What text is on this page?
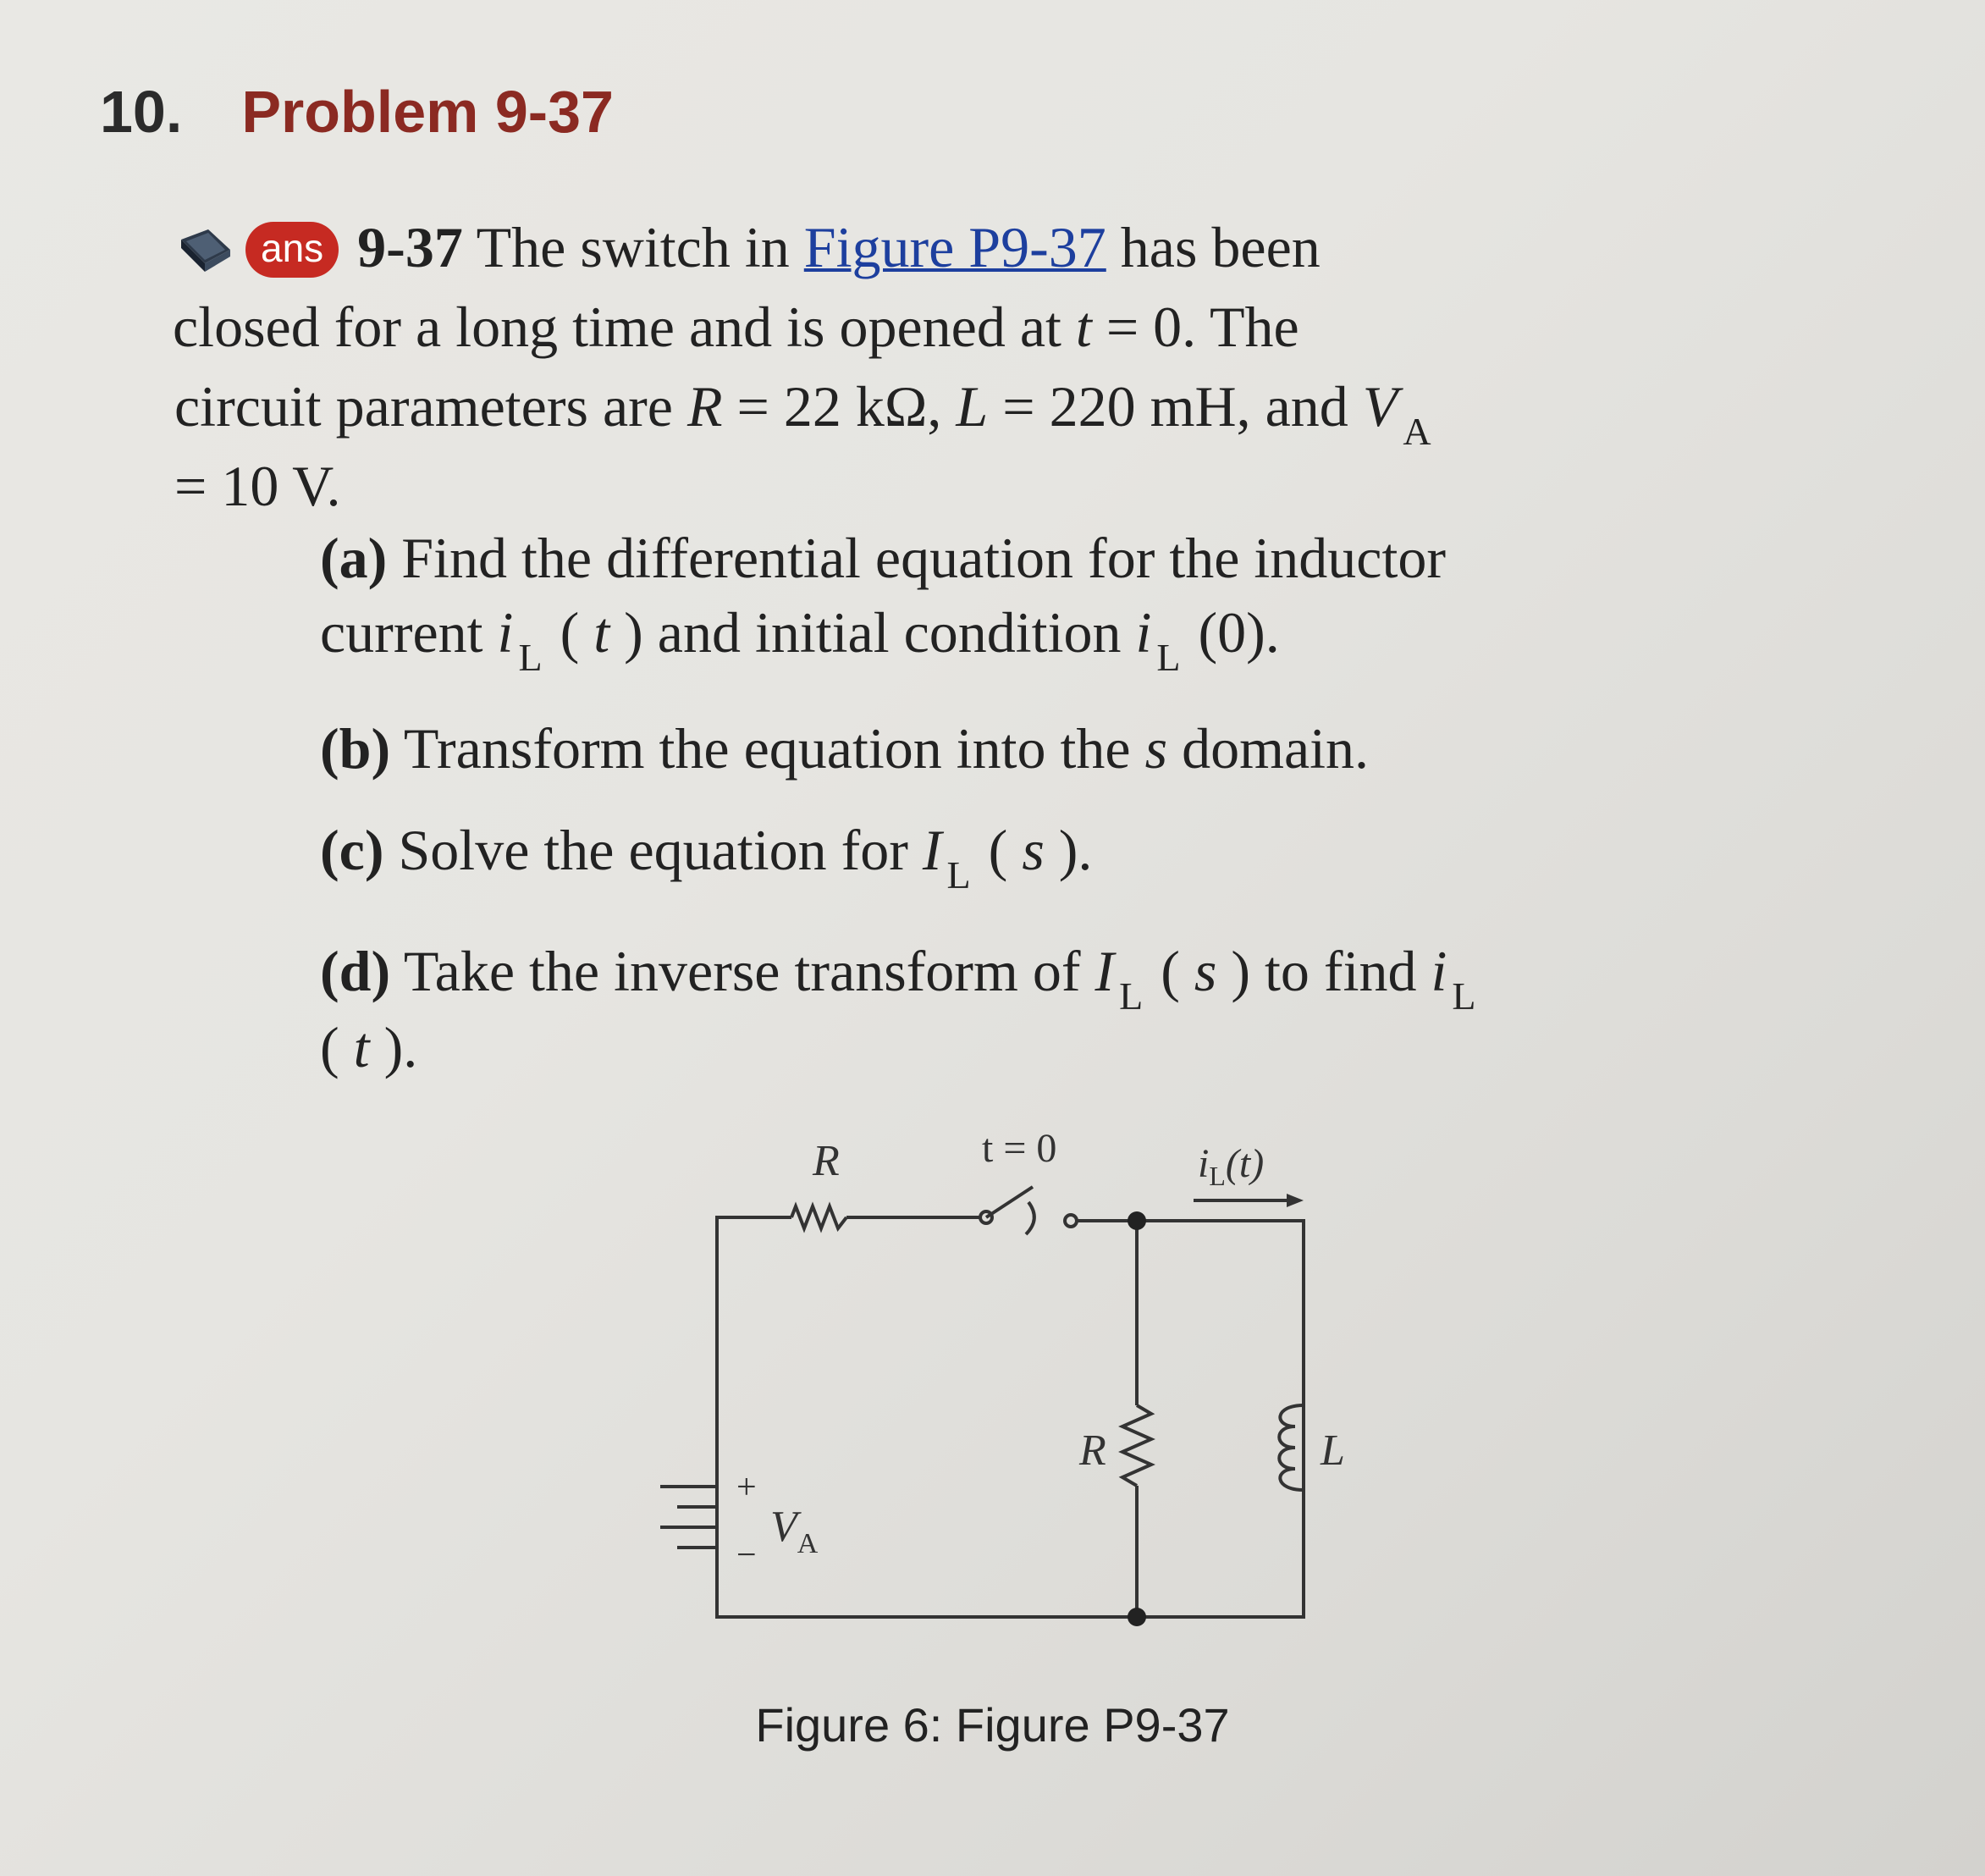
10. Problem 9-37
ans 9-37 The switch in Figure P9-37 has been
closed for a long time and is opened at t = 0. The
circuit parameters are R = 22 kΩ, L = 220 mH, and V $_A$
= 10 V.
(a) Find the differential equation for the inductor
current i $_L$ ( t ) and initial condition i $_L$ (0).
(b) Transform the equation into the s domain.
(c) Solve the equation for I $_L$ ( s ).
(d) Take the inverse transform of I $_L$ ( s ) to find i $_L$
( t ).
R	t = 0	$i_L(t)$
+
−
$V_A$
R	L
Figure 6: Figure P9-37
